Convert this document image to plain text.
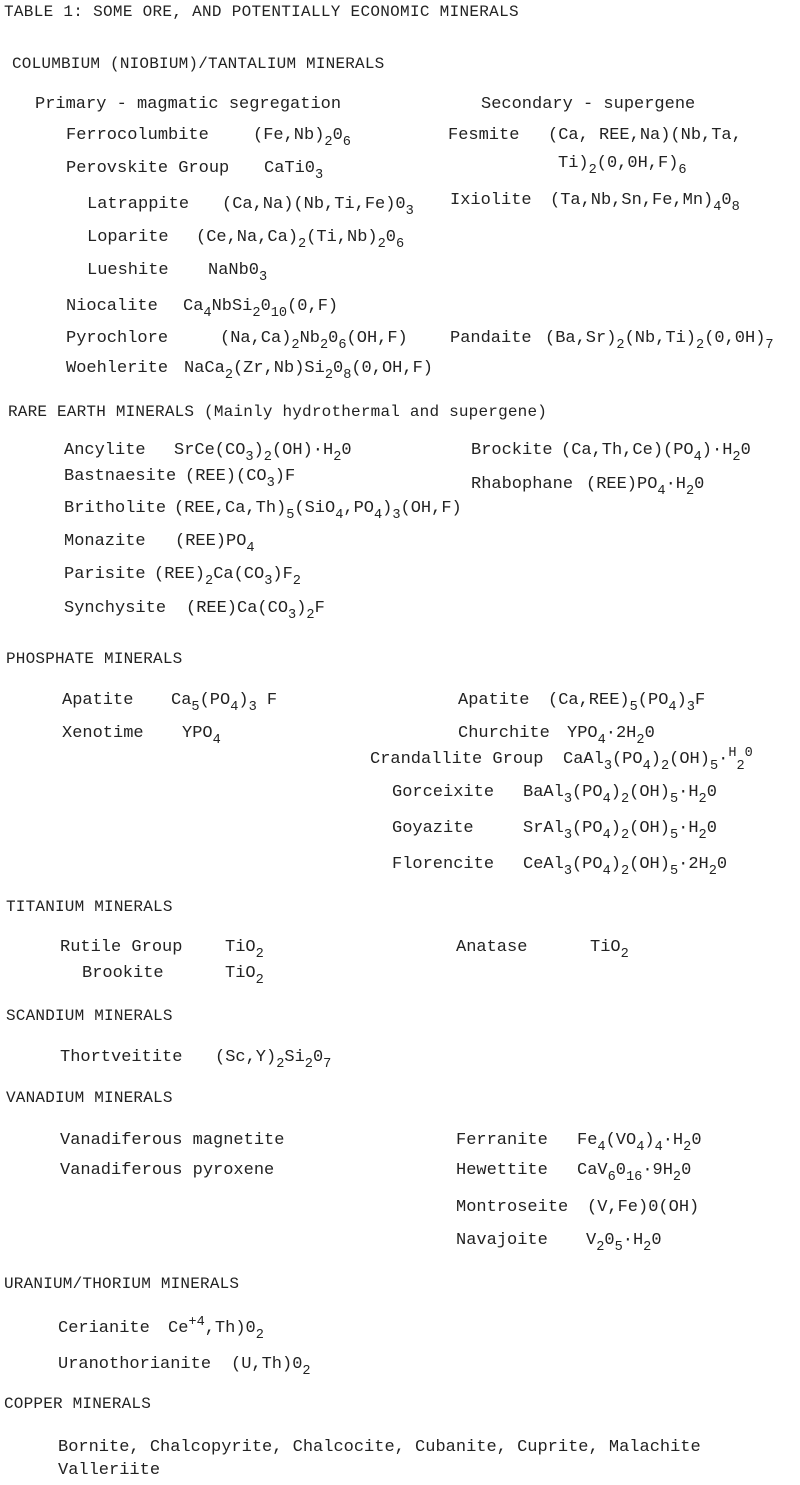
TABLE 1: SOME ORE, AND POTENTIALLY ECONOMIC MINERALS
COLUMBIUM (NIOBIUM)/TANTALIUM MINERALS
Primary - magmatic segregation	Secondary - supergene
Ferrocolumbite	$(Fe,Nb)_20_6$
Perovskite Group $CaTi0_3$
Latrappite $(Ca,Na)(Nb,Ti,Fe)0_3$
Loparite $(Ce,Na,Ca)_2(Ti,Nb)_20_6$
Lueshite $NaNb0_3$
Niocalite $Ca_4NbSi_20_{10}(0,F)$
Pyrochlore	$(Na,Ca)_2Nb_20_6(OH,F)$
Woehlerite $NaCa_2(Zr,Nb)Si_20_8(0,OH,F)$
Fesmite (Ca, REE,Na)(Nb,Ta,
$Ti)_2(0,0H,F)_6$
Ixiolite $(Ta,Nb,Sn,Fe,Mn)_40_8$
Pandaite $(Ba,Sr)_2(Nb,Ti)_2(0,0H)_7$
RARE EARTH MINERALS (Mainly hydrothermal and supergene)
Ancylite $SrCe(CO_3)_2(OH)\cdot H_20$
Bastnaesite $(REE)(CO_3)F$
Britholite $(REE,Ca,Th)_5(SiO_4,PO_4)_3(OH,F)$
Monazite $(REE)PO_4$
Parisite $(REE)_2Ca(CO_3)F_2$
Synchysite $(REE)Ca(CO_3)_2F$
Brockite $(Ca,Th,Ce)(PO_4)\cdot H_20$
Rhabophane $(REE)PO_4\cdot H_20$
PHOSPHATE MINERALS
Apatite $Ca_5(PO_4)_3$ F
Xenotime $YPO_4$
Apatite $(Ca,REE)_5(PO_4)_3F$
Churchite $YPO_4\cdot 2H_20$
Crandallite Group $CaAl_3(PO_4)_2(OH)_5\cdot^H_2^0$
Gorceixite $BaAl_3(PO_4)_2(OH)_5\cdot H_20$
Goyazite	$SrAl_3(PO_4)_2(OH)_5\cdot H_20$
Florencite $CeAl_3(PO_4)_2(OH)_5\cdot 2H_20$
TITANIUM MINERALS
Rutile Group	TiO$_2$
Brookite	TiO$_2$
Anatase	TiO$_2$
SCANDIUM MINERALS
Thortveitite $(Sc,Y)_2Si_20_7$
VANADIUM MINERALS
Vanadiferous magnetite
Vanadiferous pyroxene
Ferranite $Fe_4(VO_4)_4\cdot H_20$
Hewettite $CaV_60_{16}\cdot 9H_20$
Montroseite (V,Fe)0(OH)
Navajoite $V_20_5\cdot H_20$
URANIUM/THORIUM MINERALS
Cerianite $Ce^{+4},Th)0_2$
Uranothorianite $(U,Th)0_2$
COPPER MINERALS
Bornite, Chalcopyrite, Chalcocite, Cubanite, Cuprite, Malachite
Valleriite
